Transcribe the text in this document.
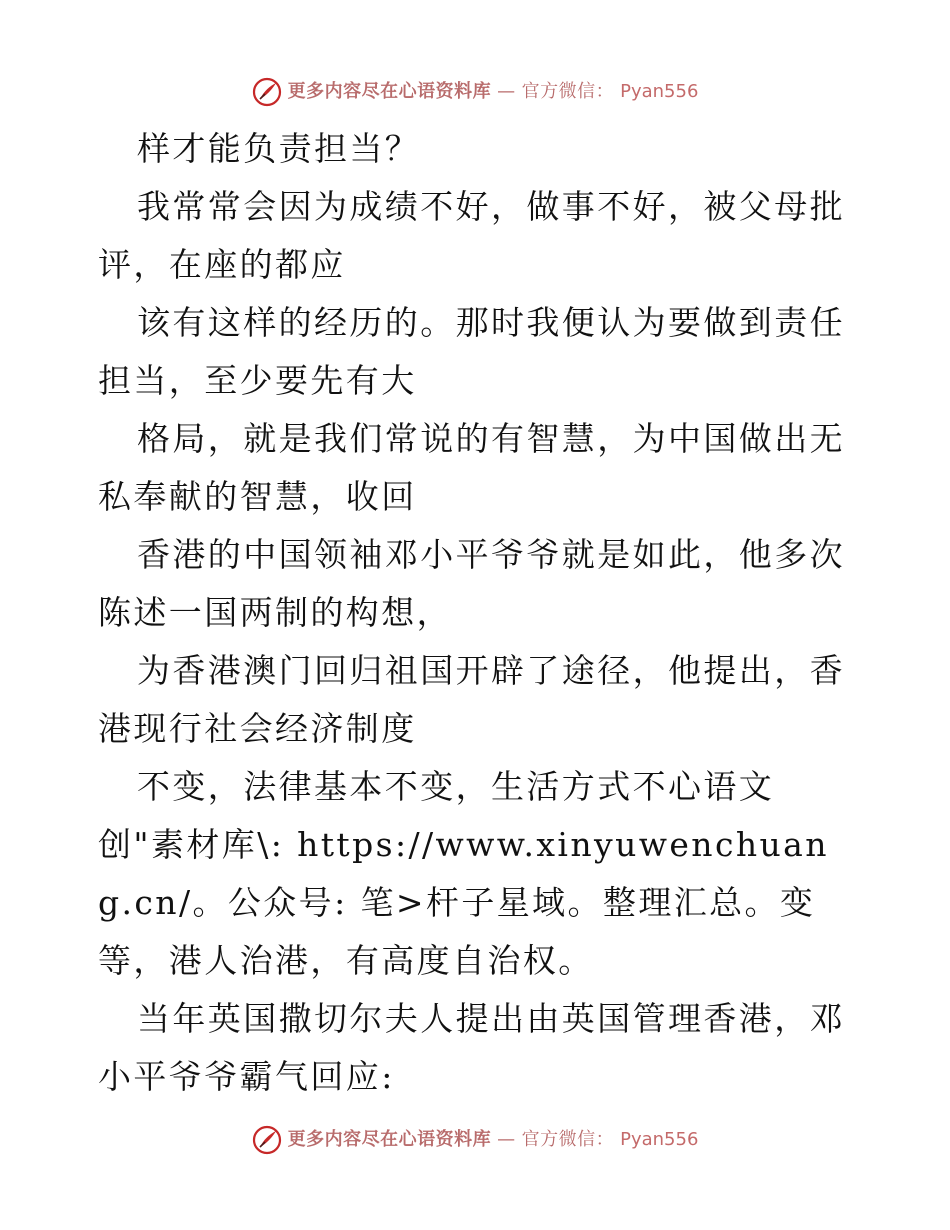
更多内容尽在心语资料库 — 官方微信： Pyan556

样才能负责担当？

我常常会因为成绩不好，做事不好，被父母批评，在座的都应

该有这样的经历的。那时我便认为要做到责任担当，至少要先有大

格局，就是我们常说的有智慧，为中国做出无私奉献的智慧，收回

香港的中国领袖邓小平爷爷就是如此，他多次陈述一国两制的构想，

为香港澳门回归祖国开辟了途径，他提出，香港现行社会经济制度

不变，法律基本不变，生活方式不心语文创"素材库\: https://www.xinyuwenchuang.cn/。公众号: 笔>杆子星域。整理汇总。变等，港人治港，有高度自治权。

当年英国撒切尔夫人提出由英国管理香港，邓小平爷爷霸气回应:

更多内容尽在心语资料库 — 官方微信： Pyan556
